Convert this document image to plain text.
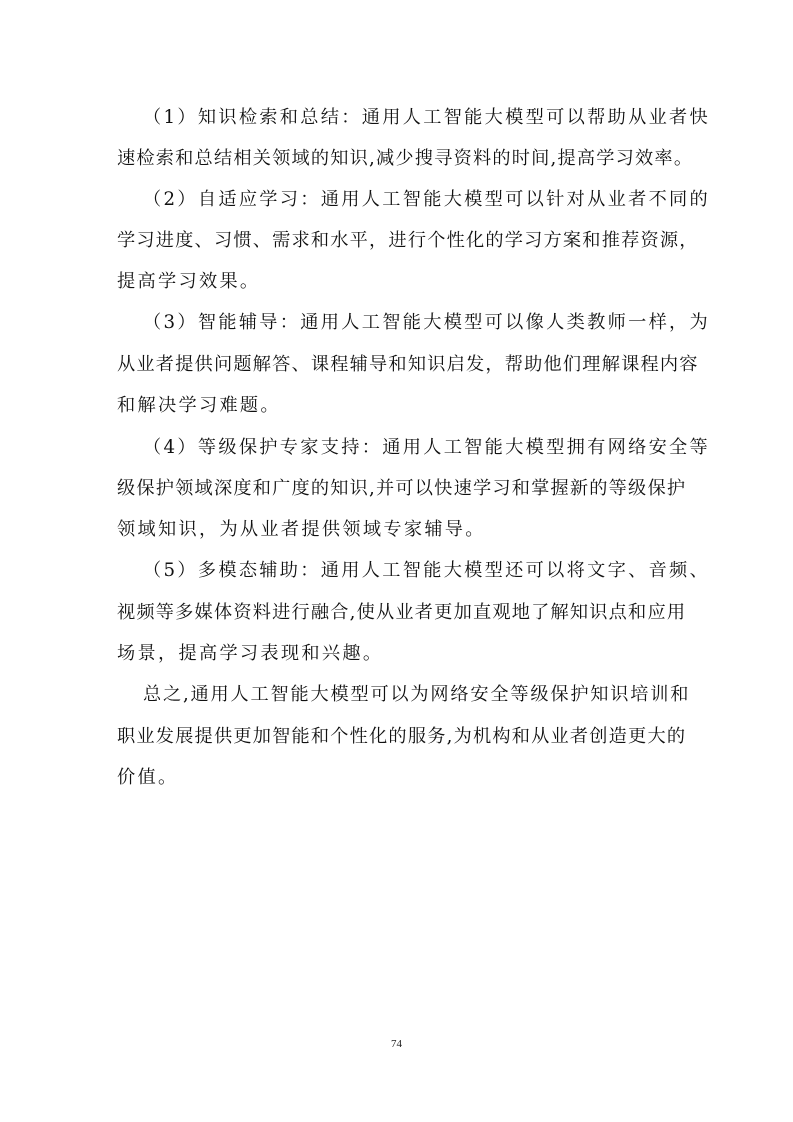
（1）知识检索和总结：通用人工智能大模型可以帮助从业者快
速检索和总结相关领域的知识,减少搜寻资料的时间,提高学习效率。
（2）自适应学习：通用人工智能大模型可以针对从业者不同的
学习进度、习惯、需求和水平，进行个性化的学习方案和推荐资源，
提高学习效果。
（3）智能辅导：通用人工智能大模型可以像人类教师一样，为
从业者提供问题解答、课程辅导和知识启发，帮助他们理解课程内容
和解决学习难题。
（4）等级保护专家支持：通用人工智能大模型拥有网络安全等
级保护领域深度和广度的知识,并可以快速学习和掌握新的等级保护
领域知识，为从业者提供领域专家辅导。
（5）多模态辅助：通用人工智能大模型还可以将文字、音频、
视频等多媒体资料进行融合,使从业者更加直观地了解知识点和应用
场景，提高学习表现和兴趣。
总之,通用人工智能大模型可以为网络安全等级保护知识培训和
职业发展提供更加智能和个性化的服务,为机构和从业者创造更大的
价值。
74
